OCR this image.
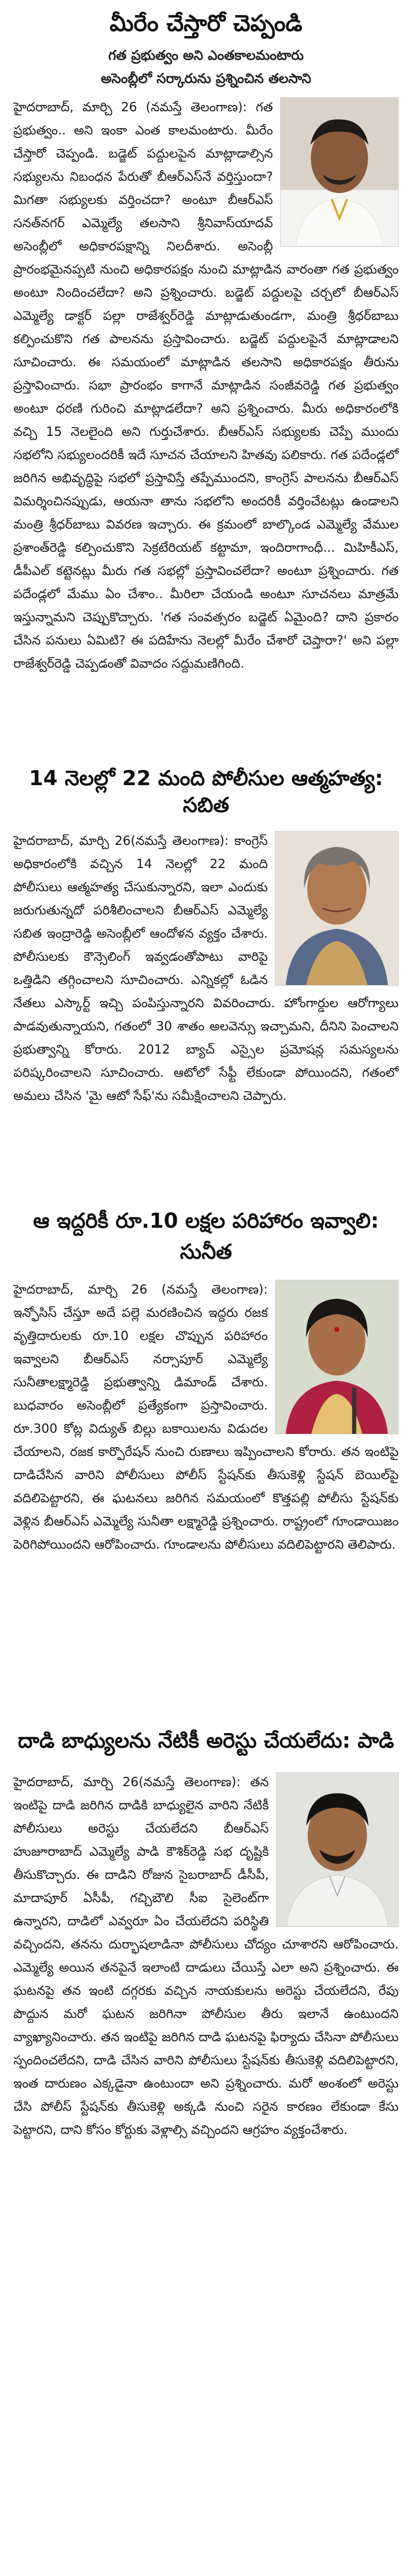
మీరేం చేస్తారో చెప్పండి
గత ప్రభుత్వం అని ఎంతకాలమంటారు
అసెంబ్లీలో సర్కారును ప్రశ్నించిన తలసాని

హైదరాబాద్, మార్చి 26 (నమస్తే తెలంగాణ): గత ప్రభుత్వం.. అని ఇంకా ఎంత కాలమంటారు. మీరేం చేస్తారో చెప్పండి. బడ్జెట్ పద్దులపైన మాట్లాడాల్సిన సభ్యులను నిబంధన పేరుతో బీఆర్ఎస్‌నే వర్తిస్తుందా? మిగతా సభ్యులకు వర్తించదా? అంటూ బీఆర్ఎస్ సనత్‌నగర్ ఎమ్మెల్యే తలసాని శ్రీనివాస్‌యాదవ్ అసెంబ్లీలో అధికారపక్షాన్ని నిలదీశారు. అసెంబ్లీ ప్రారంభమైనప్పటి నుంచి అధికారపక్షం నుంచి మాట్లాడిన వారంతా గత ప్రభుత్వం అంటూ నిందించలేదా? అని ప్రశ్నించారు. బడ్జెట్ పద్దులపై చర్చలో బీఆర్ఎస్ ఎమ్మెల్యే డాక్టర్ పల్లా రాజేశ్వర్‌రెడ్డి మాట్లాడుతుండగా, మంత్రి శ్రీధర్‌బాబు కల్పించుకొని గత పాలనను ప్రస్తావించారు. బడ్జెట్ పద్దులపైనే మాట్లాడాలని సూచించారు. ఈ సమయంలో మాట్లాడిన తలసాని అధికారపక్షం తీరును ప్రస్తావించారు. సభా ప్రారంభం కాగానే మాట్లాడిన సంజీవరెడ్డి గత ప్రభుత్వం అంటూ ధరణి గురించి మాట్లాడలేదా? అని ప్రశ్నించారు. మీరు అధికారంలోకి వచ్చి 15 నెలలైంది అని గుర్తుచేశారు. బీఆర్ఎస్ సభ్యులకు చెప్పే ముందు సభలోని సభ్యులందరికీ ఇదే సూచన చేయాలని హితవు పలికారు. గత పదేండ్లలో జరిగిన అభివృద్ధిపై సభలో ప్రస్తావిస్తే తప్పేముందని, కాంగ్రెస్ పాలనను బీఆర్ఎస్ విమర్శించినప్పుడు, ఆయనా తాను సభలోని అందరికీ వర్తించేటట్లు ఉండాలని మంత్రి శ్రీధర్‌బాబు వివరణ ఇచ్చారు. ఈ క్రమంలో బాల్కొండ ఎమ్మెల్యే వేముల ప్రశాంత్‌రెడ్డి కల్పించుకొని సెక్రటేరియట్ కట్టామా, ఇందిరాగాంధీ... మిహికీఎస్, డీపీఎల్ కట్టెనట్లు మీరు గత సభల్లో ప్రస్తావించలేదా? అంటూ ప్రశ్నించారు. గత పదేండ్లలో మేము ఏం చేశాం.. మీరిలా చేయండి అంటూ సూచనలు మాత్రమే ఇస్తున్నామని చెప్పుకొచ్చారు. 'గత సంవత్సరం బడ్జెట్ ఏమైంది? దాని ప్రకారం చేసిన పనులు ఏమిటి? ఈ పదిహేను నెలల్లో మీరేం చేశారో చెప్తారా?' అని పల్లా రాజేశ్వర్‌రెడ్డి చెప్పడంతో వివాదం సద్దుమణిగింది.

14 నెలల్లో 22 మంది పోలీసుల ఆత్మహత్య: సబిత

హైదరాబాద్, మార్చి 26(నమస్తే తెలంగాణ): కాంగ్రెస్ అధికారంలోకి వచ్చిన 14 నెలల్లో 22 మంది పోలీసులు ఆత్మహత్య చేసుకున్నారని, ఇలా ఎందుకు జరుగుతున్నదో పరిశీలించాలని బీఆర్ఎస్ ఎమ్మెల్యే సబిత ఇంద్రారెడ్డి అసెంబ్లీలో ఆందోళన వ్యక్తం చేశారు. పోలీసులకు కౌన్సెలింగ్ ఇవ్వడంతోపాటు వారిపై ఒత్తిడిని తగ్గించాలని సూచించారు. ఎన్నికల్లో ఓడిన నేతలు ఎస్కార్ట్ ఇచ్చి పంపిస్తున్నారని వివరించారు. హోంగార్డుల ఆరోగ్యాలు పాడవుతున్నాయని, గతంలో 30 శాతం అలవెన్సు ఇచ్చామని, దీనిని పెంచాలని ప్రభుత్వాన్ని కోరారు. 2012 బ్యాచ్ ఎస్సైల ప్రమోషన్ల సమస్యలను పరిష్కరించాలని సూచించారు. ఆటోలో సేఫ్టీ లేకుండా పోయిందని, గతంలో అమలు చేసిన 'మై ఆటో సేఫ్'ను సమీక్షించాలని చెప్పారు.

ఆ ఇద్దరికీ రూ.10 లక్షల పరిహారం ఇవ్వాలి: సునీత

హైదరాబాద్, మార్చి 26 (నమస్తే తెలంగాణ): ఇన్ఫోసిస్ చేస్తూ అదే పల్లె మరణించిన ఇద్దరు రజక వృత్తిదారులకు రూ.10 లక్షల చొప్పున పరిహారం ఇవ్వాలని బీఆర్ఎస్ నర్సాపూర్ ఎమ్మెల్యే సునీతాలక్ష్మారెడ్డి ప్రభుత్వాన్ని డిమాండ్ చేశారు. బుధవారం అసెంబ్లీలో ప్రత్యేకంగా ప్రస్తావించారు. రూ.300 కోట్ల విద్యుత్ బిల్లు బకాయిలను విడుదల చేయాలని, రజక కార్పొరేషన్ నుంచి రుణాలు ఇప్పించాలని కోరారు. తన ఇంటిపై దాడిచేసిన వారిని పోలీసులు పోలీస్ స్టేషన్‌కు తీసుకెళ్లి స్టేషన్ బెయిల్‌పై వదిలిపెట్టారని, ఈ ఘటనలు జరిగిన సమయంలో కొత్తపల్లి పోలీసు స్టేషన్‌కు వెళ్లిన బీఆర్ఎస్ ఎమ్మెల్యే సునీతా లక్ష్మారెడ్డి ప్రశ్నించారు. రాష్ట్రంలో గూండాయిజం పెరిగిపోయిందని ఆరోపించారు. గూండాలను పోలీసులు వదిలిపెట్టారని తెలిపారు.

దాడి బాధ్యులను నేటికీ అరెస్టు చేయలేదు: పాడి

హైదరాబాద్, మార్చి 26(నమస్తే తెలంగాణ): తన ఇంటిపై దాడి జరిగిన దాడికి బాధ్యులైన వారిని నేటికీ పోలీసులు అరెస్టు చేయలేదని బీఆర్ఎస్ హుజూరాబాద్ ఎమ్మెల్యే పాడి కౌశిక్‌రెడ్డి సభ దృష్టికి తీసుకొచ్చారు. ఈ దాడిని రోజున సైబరాబాద్ డీసీపీ, మాదాపూర్ ఏసీపీ, గచ్చిబౌలి సీఐ సైలెంట్‌గా ఉన్నారని, దాడిలో ఎవ్వరూ ఏం చేయలేదని పరిస్థితి వచ్చిందని, తనను దుర్భాషలాడినా పోలీసులు చోద్యం చూశారని ఆరోపించారు. ఎమ్మెల్యే అయిన తనపైనే ఇలాంటి దాడులు చేయిస్తే ఎలా అని ప్రశ్నించారు. ఈ ఘటనపై తన ఇంటి దగ్గరకు వచ్చిన నాయకులను అరెస్టు చేయలేదని, రేపు పొద్దున మరో ఘటన జరిగినా పోలీసుల తీరు ఇలానే ఉంటుందని వ్యాఖ్యానించారు. తన ఇంటిపై జరిగిన దాడి ఘటనపై ఫిర్యాదు చేసినా పోలీసులు స్పందించలేదని, దాడి చేసిన వారిని పోలీసులు స్టేషన్‌కు తీసుకెళ్లి వదిలిపెట్టారని, ఇంత దారుణం ఎక్కడైనా ఉంటుందా అని ప్రశ్నించారు. మరో అంశంలో అరెస్టు చేసి పోలీస్ స్టేషన్‌కు తీసుకెళ్లి అక్కడి నుంచి సరైన కారణం లేకుండా కేసు పెట్టారని, దాని కోసం కోర్టుకు వెళ్లాల్సి వచ్చిందని ఆగ్రహం వ్యక్తంచేశారు.
